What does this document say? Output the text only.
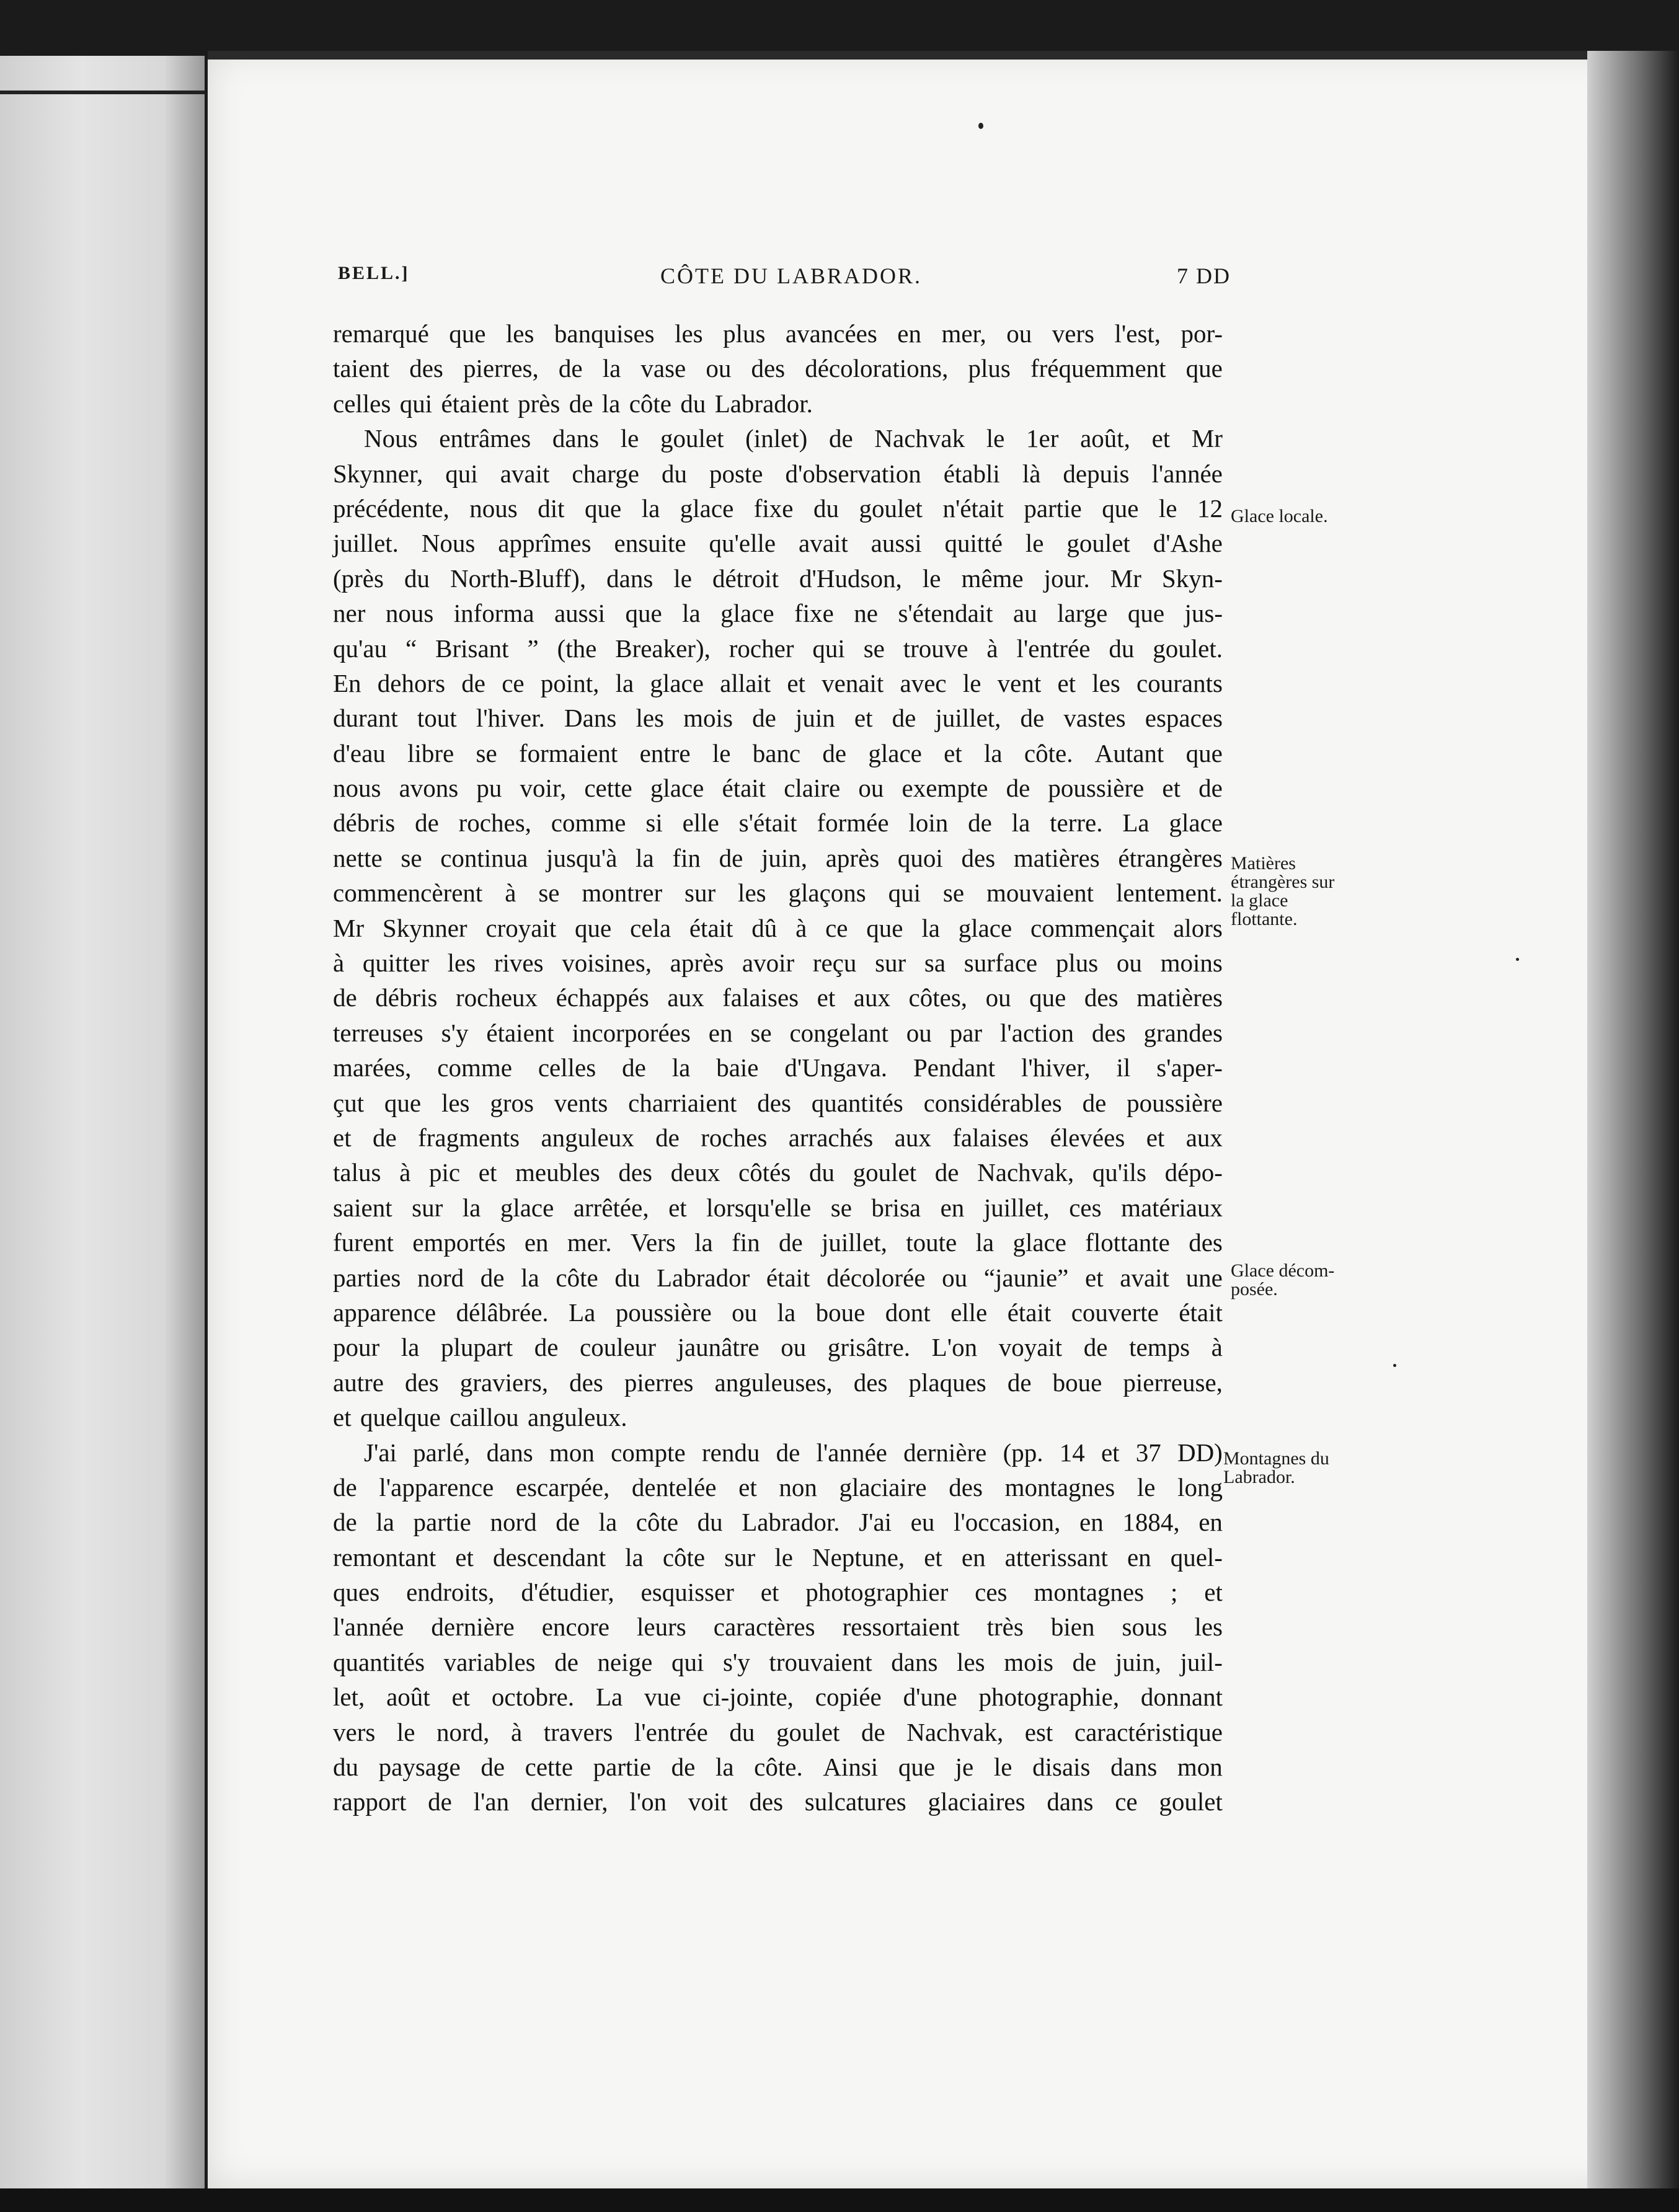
BELL.]	CÔTE DU LABRADOR.	7 DD
remarqué que les banquises les plus avancées en mer, ou vers l'est, por-
taient des pierres, de la vase ou des décolorations, plus fréquemment que
celles qui étaient près de la côte du Labrador.
Nous entrâmes dans le goulet (inlet) de Nachvak le 1er août, et Mr
Skynner, qui avait charge du poste d'observation établi là depuis l'année
précédente, nous dit que la glace fixe du goulet n'était partie que le 12
juillet. Nous apprîmes ensuite qu'elle avait aussi quitté le goulet d'Ashe
(près du North-Bluff), dans le détroit d'Hudson, le même jour. Mr Skyn-
ner nous informa aussi que la glace fixe ne s'étendait au large que jus-
qu'au “ Brisant ” (the Breaker), rocher qui se trouve à l'entrée du goulet.
En dehors de ce point, la glace allait et venait avec le vent et les courants
durant tout l'hiver. Dans les mois de juin et de juillet, de vastes espaces
d'eau libre se formaient entre le banc de glace et la côte. Autant que
nous avons pu voir, cette glace était claire ou exempte de poussière et de
débris de roches, comme si elle s'était formée loin de la terre. La glace
nette se continua jusqu'à la fin de juin, après quoi des matières étrangères
commencèrent à se montrer sur les glaçons qui se mouvaient lentement.
Mr Skynner croyait que cela était dû à ce que la glace commençait alors
à quitter les rives voisines, après avoir reçu sur sa surface plus ou moins
de débris rocheux échappés aux falaises et aux côtes, ou que des matières
terreuses s'y étaient incorporées en se congelant ou par l'action des grandes
marées, comme celles de la baie d'Ungava. Pendant l'hiver, il s'aper-
çut que les gros vents charriaient des quantités considérables de poussière
et de fragments anguleux de roches arrachés aux falaises élevées et aux
talus à pic et meubles des deux côtés du goulet de Nachvak, qu'ils dépo-
saient sur la glace arrêtée, et lorsqu'elle se brisa en juillet, ces matériaux
furent emportés en mer. Vers la fin de juillet, toute la glace flottante des
parties nord de la côte du Labrador était décolorée ou “jaunie” et avait une
apparence délâbrée. La poussière ou la boue dont elle était couverte était
pour la plupart de couleur jaunâtre ou grisâtre. L'on voyait de temps à
autre des graviers, des pierres anguleuses, des plaques de boue pierreuse,
et quelque caillou anguleux.
J'ai parlé, dans mon compte rendu de l'année dernière (pp. 14 et 37 DD)
de l'apparence escarpée, dentelée et non glaciaire des montagnes le long
de la partie nord de la côte du Labrador. J'ai eu l'occasion, en 1884, en
remontant et descendant la côte sur le Neptune, et en atterissant en quel-
ques endroits, d'étudier, esquisser et photographier ces montagnes ; et
l'année dernière encore leurs caractères ressortaient très bien sous les
quantités variables de neige qui s'y trouvaient dans les mois de juin, juil-
let, août et octobre. La vue ci-jointe, copiée d'une photographie, donnant
vers le nord, à travers l'entrée du goulet de Nachvak, est caractéristique
du paysage de cette partie de la côte. Ainsi que je le disais dans mon
rapport de l'an dernier, l'on voit des sulcatures glaciaires dans ce goulet
Glace locale.
Matières
étrangères sur
la glace
flottante.
Glace décom-
posée.
Montagnes du
Labrador.
